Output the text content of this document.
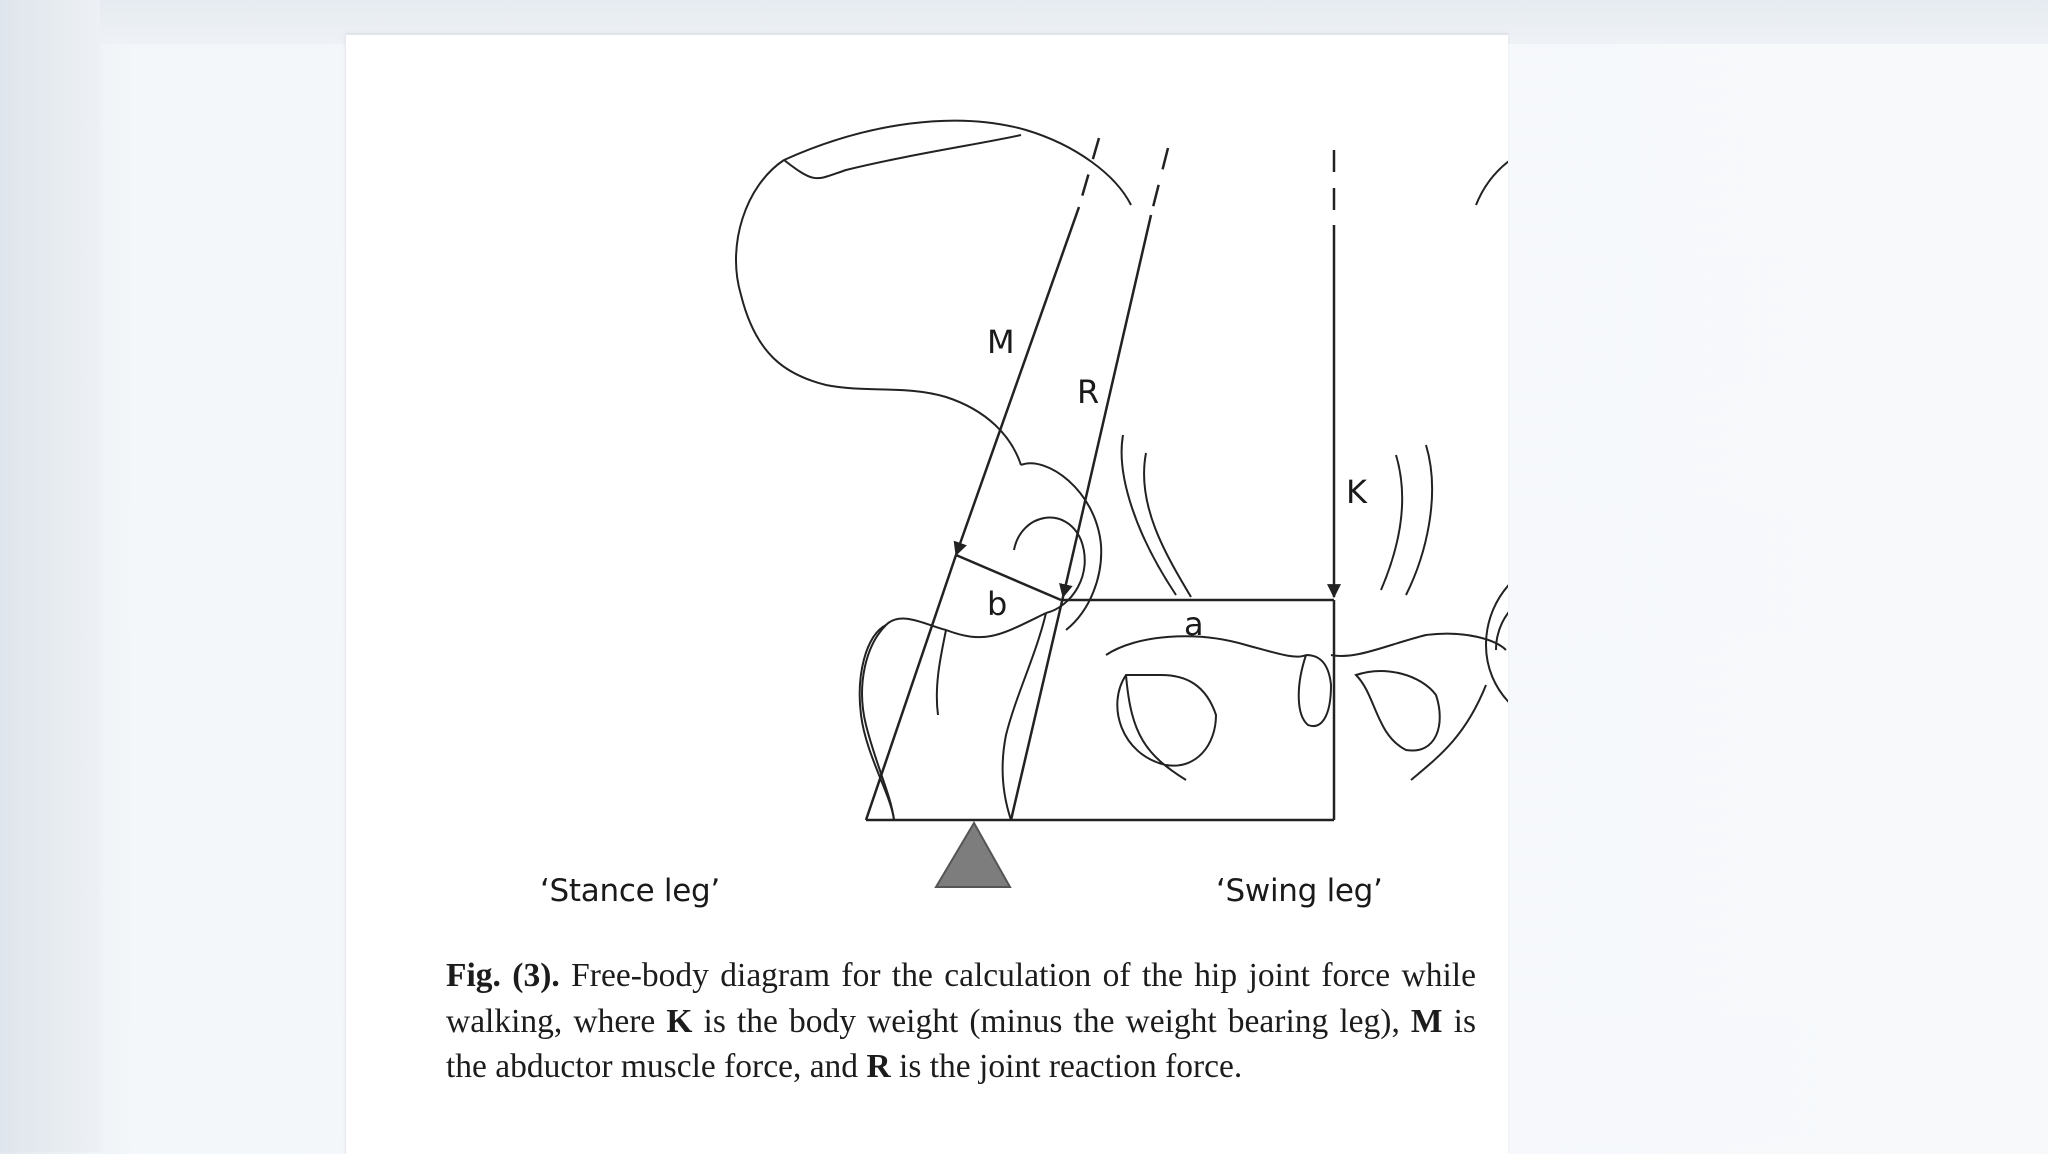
M
R
K
a
b
‘Stance leg’	‘Swing leg’
Fig. (3). Free-body diagram for the calculation of the hip joint force while walking, where K is the body weight (minus the weight bearing leg), M is the abductor muscle force, and R is the joint reaction force.
